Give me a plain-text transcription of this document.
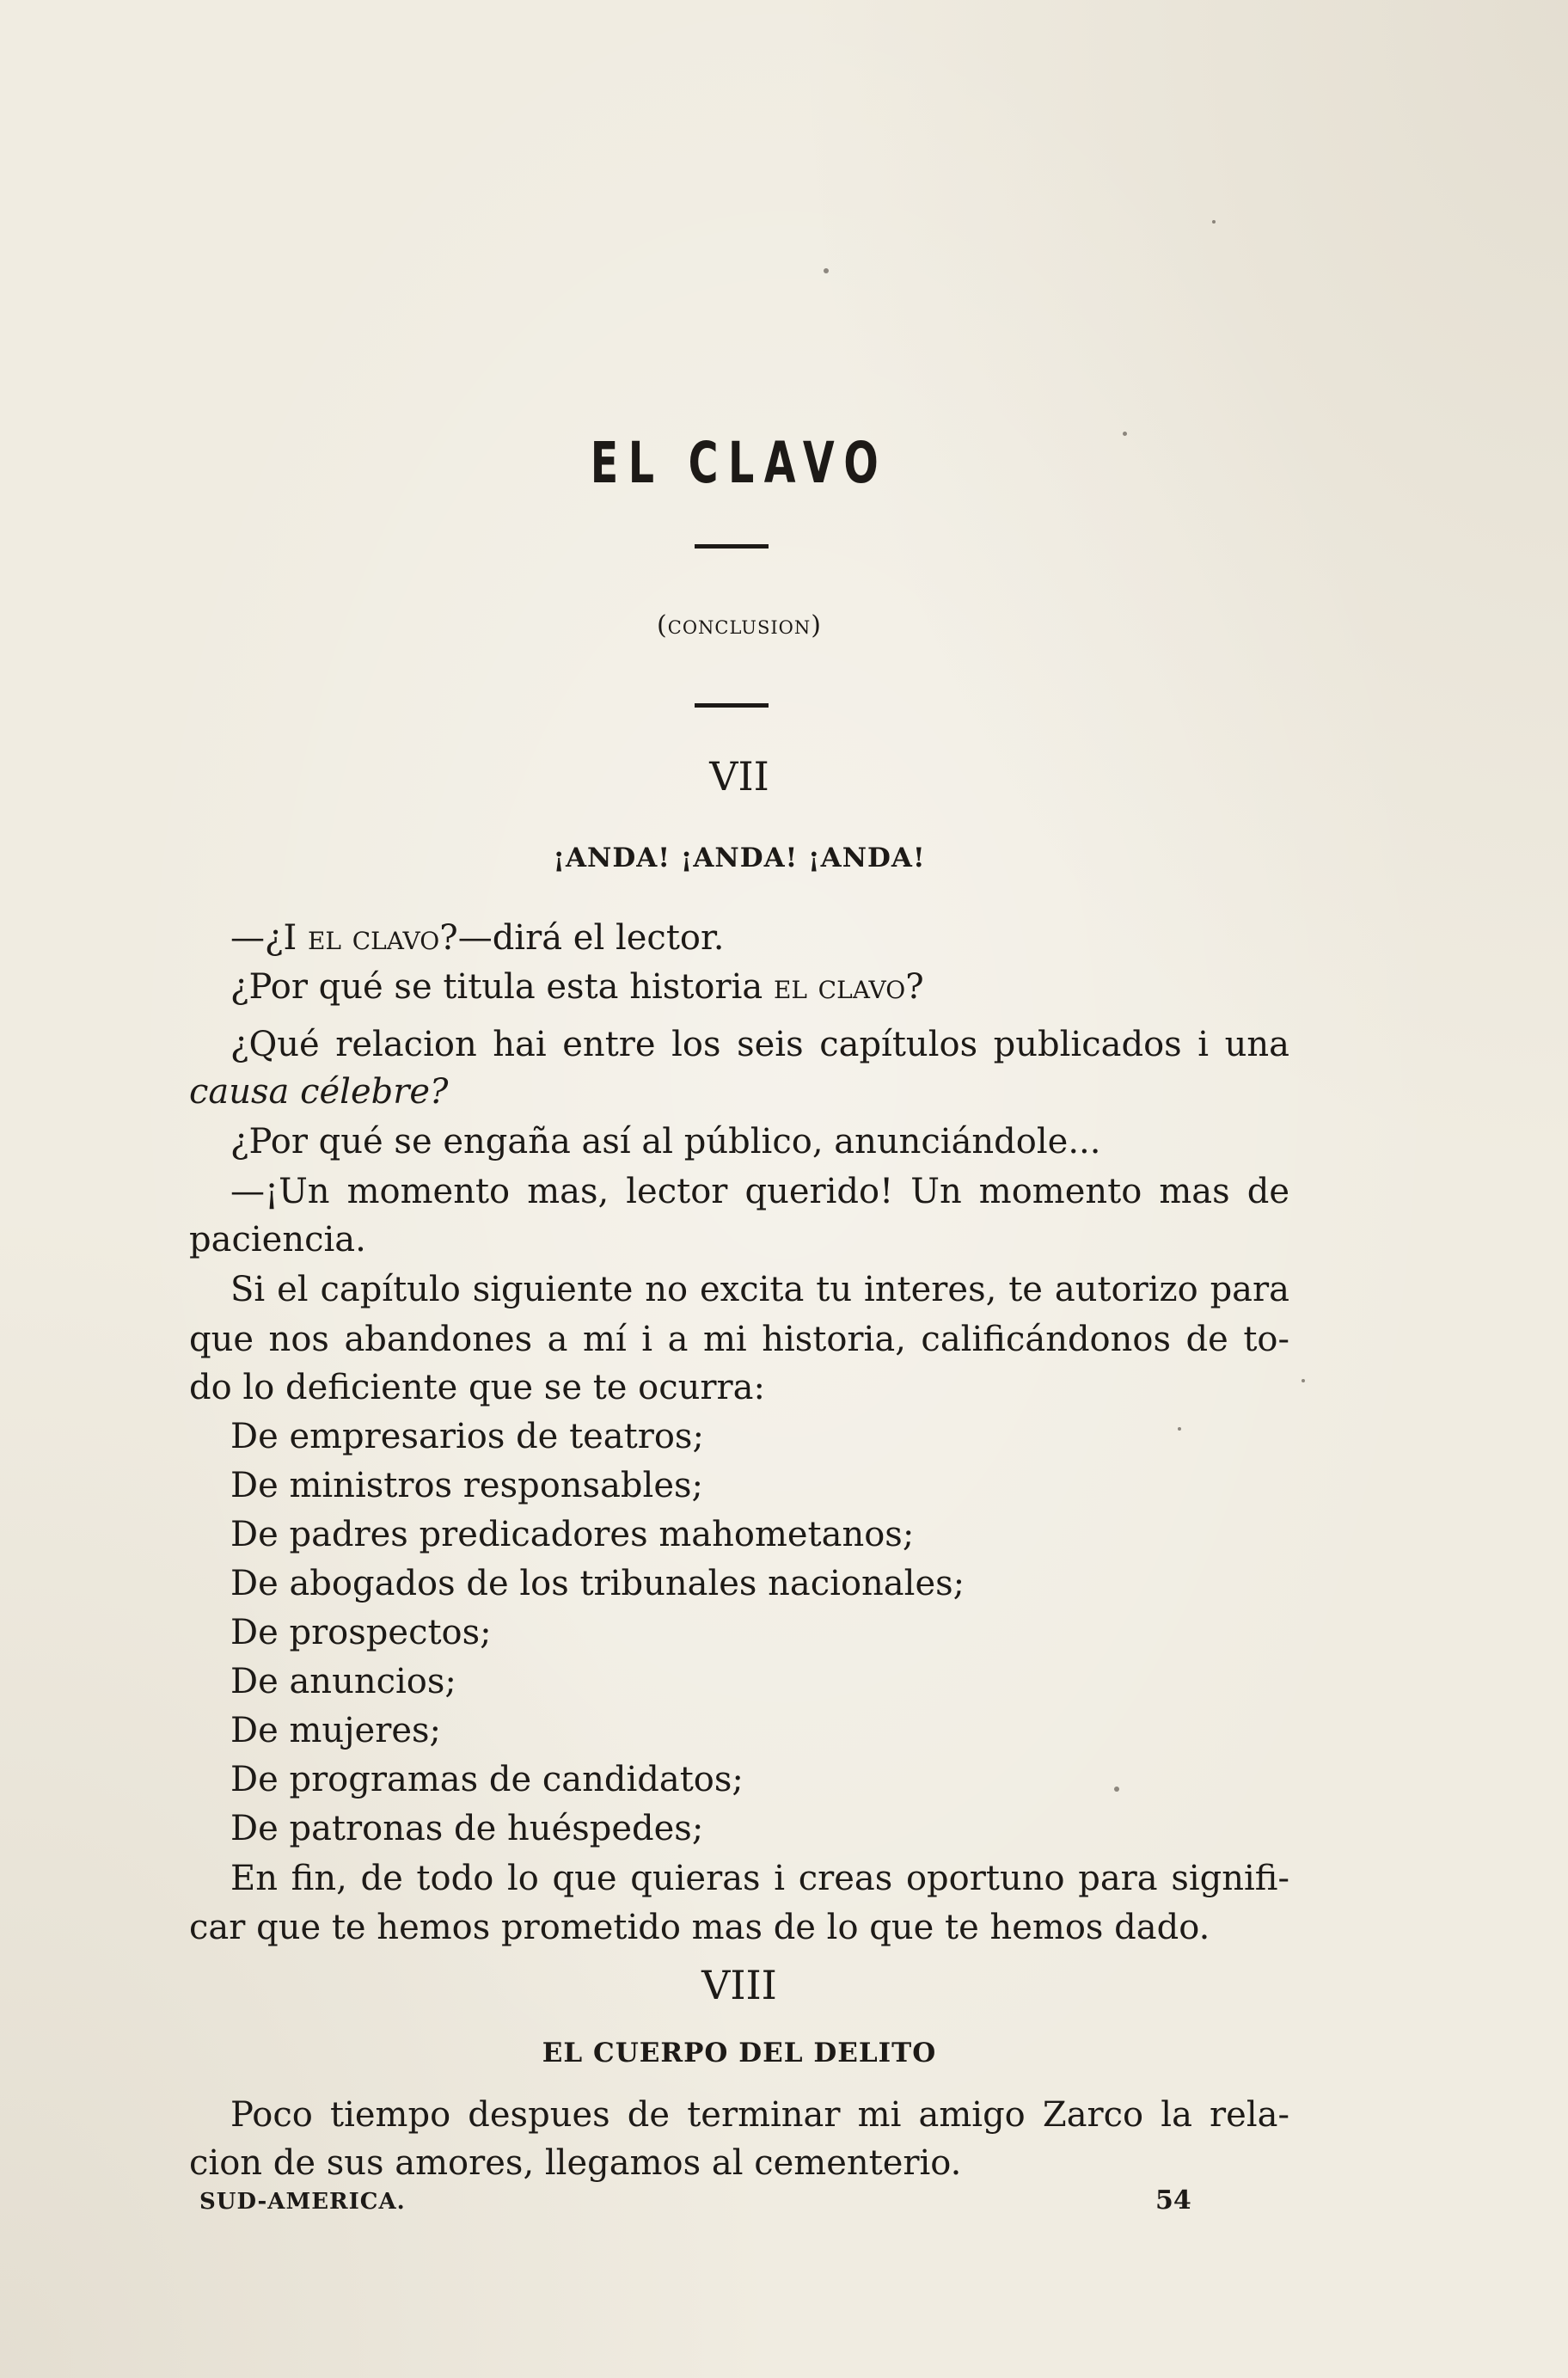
EL CLAVO
(conclusion)
VII
¡ANDA! ¡ANDA! ¡ANDA!
—¿I el clavo?—dirá el lector.
¿Por qué se titula esta historia el clavo?
¿Qué relacion hai entre los seis capítulos publicados i una
causa célebre?
¿Por qué se engaña así al público, anunciándole...
—¡Un momento mas, lector querido! Un momento mas de
paciencia.
Si el capítulo siguiente no excita tu interes, te autorizo para
que nos abandones a mí i a mi historia, calificándonos de to-
do lo deficiente que se te ocurra:
De empresarios de teatros;
De ministros responsables;
De padres predicadores mahometanos;
De abogados de los tribunales nacionales;
De prospectos;
De anuncios;
De mujeres;
De programas de candidatos;
De patronas de huéspedes;
En fin, de todo lo que quieras i creas oportuno para signifi-
car que te hemos prometido mas de lo que te hemos dado.
VIII
EL CUERPO DEL DELITO
Poco tiempo despues de terminar mi amigo Zarco la rela-
cion de sus amores, llegamos al cementerio.
SUD-AMERICA.	54
